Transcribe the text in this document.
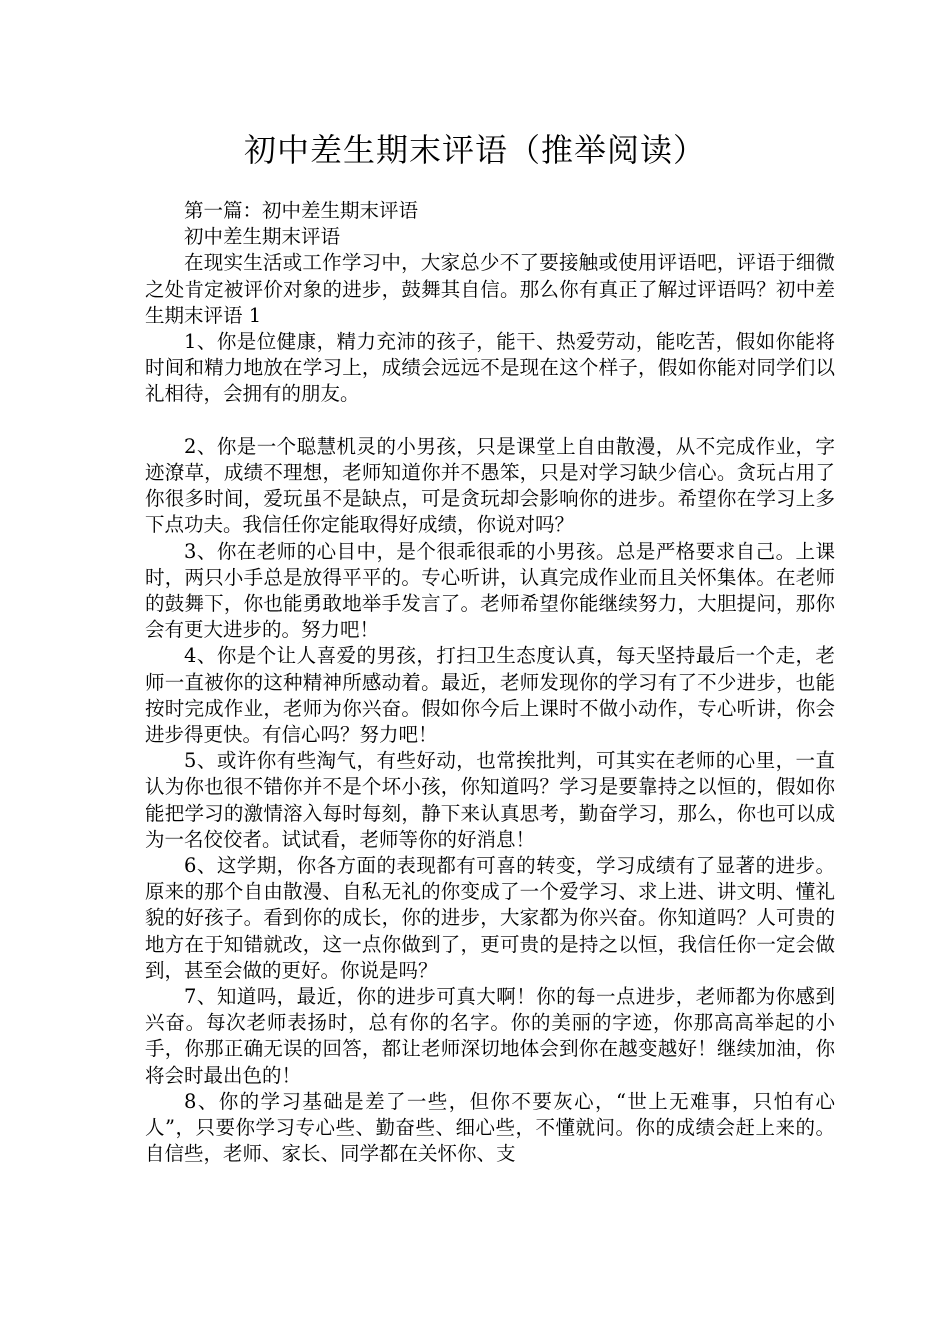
初中差生期末评语（推举阅读）

第一篇：初中差生期末评语

初中差生期末评语

在现实生活或工作学习中，大家总少不了要接触或使用评语吧，评语于细微之处肯定被评价对象的进步，鼓舞其自信。那么你有真正了解过评语吗？初中差生期末评语 1

1、你是位健康，精力充沛的孩子，能干、热爱劳动，能吃苦，假如你能将时间和精力地放在学习上，成绩会远远不是现在这个样子，假如你能对同学们以礼相待，会拥有的朋友。

2、你是一个聪慧机灵的小男孩，只是课堂上自由散漫，从不完成作业，字迹潦草，成绩不理想，老师知道你并不愚笨，只是对学习缺少信心。贪玩占用了你很多时间，爱玩虽不是缺点，可是贪玩却会影响你的进步。希望你在学习上多下点功夫。我信任你定能取得好成绩，你说对吗？

3、你在老师的心目中，是个很乖很乖的小男孩。总是严格要求自己。上课时，两只小手总是放得平平的。专心听讲，认真完成作业而且关怀集体。在老师的鼓舞下，你也能勇敢地举手发言了。老师希望你能继续努力，大胆提问，那你会有更大进步的。努力吧！

4、你是个让人喜爱的男孩，打扫卫生态度认真，每天坚持最后一个走，老师一直被你的这种精神所感动着。最近，老师发现你的学习有了不少进步，也能按时完成作业，老师为你兴奋。假如你今后上课时不做小动作，专心听讲，你会进步得更快。有信心吗？努力吧！

5、或许你有些淘气，有些好动，也常挨批判，可其实在老师的心里，一直认为你也很不错你并不是个坏小孩，你知道吗？学习是要靠持之以恒的，假如你能把学习的激情溶入每时每刻，静下来认真思考，勤奋学习，那么，你也可以成为一名佼佼者。试试看，老师等你的好消息！

6、这学期，你各方面的表现都有可喜的转变，学习成绩有了显著的进步。原来的那个自由散漫、自私无礼的你变成了一个爱学习、求上进、讲文明、懂礼貌的好孩子。看到你的成长，你的进步，大家都为你兴奋。你知道吗？人可贵的地方在于知错就改，这一点你做到了，更可贵的是持之以恒，我信任你一定会做到，甚至会做的更好。你说是吗？

7、知道吗，最近，你的进步可真大啊！你的每一点进步，老师都为你感到兴奋。每次老师表扬时，总有你的名字。你的美丽的字迹，你那高高举起的小手，你那正确无误的回答，都让老师深切地体会到你在越变越好！继续加油，你将会时最出色的！

8、你的学习基础是差了一些，但你不要灰心，“世上无难事，只怕有心人”，只要你学习专心些、勤奋些、细心些，不懂就问。你的成绩会赶上来的。自信些，老师、家长、同学都在关怀你、支
